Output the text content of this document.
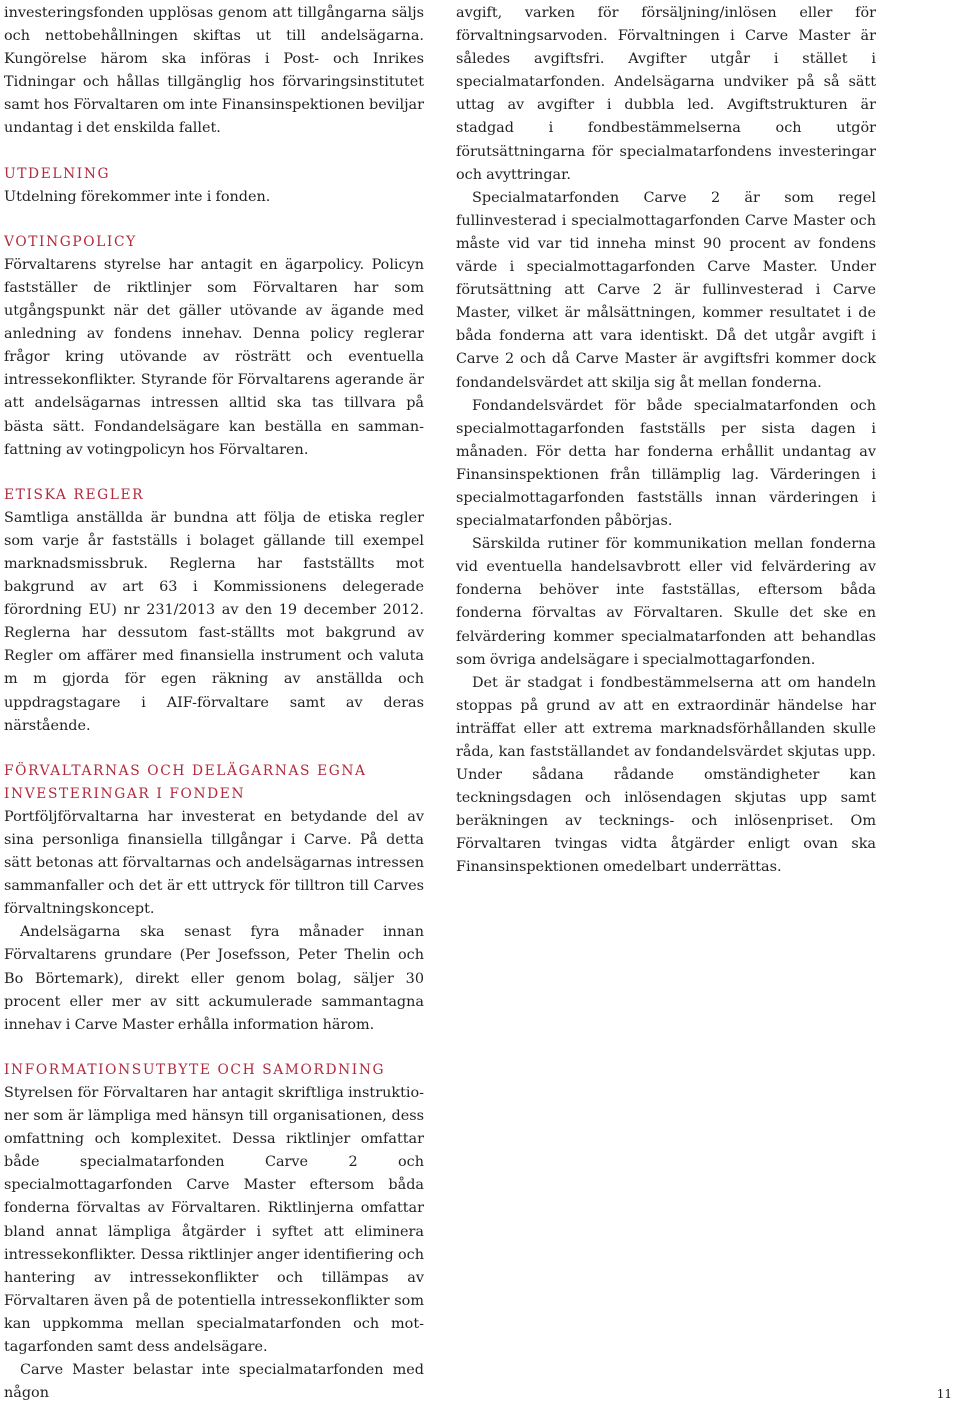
investeringsfonden upplösas genom att tillgångarna säljs och nettobehållningen skiftas ut till andelsägarna. Kungörelse härom ska införas i Post- och Inrikes Tidningar och hållas tillgänglig hos förvaringsinstitutet samt hos Förvaltaren om inte Finansinspektionen beviljar undantag i det enskilda fallet.

UTDELNING

Utdelning förekommer inte i fonden.

VOTINGPOLICY

Förvaltarens styrelse har antagit en ägarpolicy. Policyn fastställer de riktlinjer som Förvaltaren har som utgångspunkt när det gäller utövande av ägande med anledning av fondens innehav. Denna policy reglerar frågor kring utövande av rösträtt och eventuella intressekonflikter. Styrande för Förvaltarens agerande är att andelsägarnas intressen alltid ska tas tillvara på bästa sätt. Fondandelsägare kan beställa en sammanfattning av votingpolicyn hos Förvaltaren.

ETISKA REGLER

Samtliga anställda är bundna att följa de etiska regler som varje år fastställs i bolaget gällande till exempel marknadsmissbruk. Reglerna har fastställts mot bakgrund av art 63 i Kommissionens delegerade förordning EU) nr 231/2013 av den 19 december 2012. Reglerna har dessutom fast-ställts mot bakgrund av Regler om affärer med finansiella instrument och valuta m m gjorda för egen räkning av anställda och uppdragstagare i AIF-förvaltare samt av deras närstående.

FÖRVALTARNAS OCH DELÄGARNAS EGNA INVESTERINGAR I FONDEN

Portföljförvaltarna har investerat en betydande del av sina personliga finansiella tillgångar i Carve. På detta sätt betonas att förvaltarnas och andelsägarnas intressen sammanfaller och det är ett uttryck för tilltron till Carves förvaltningskoncept.

Andelsägarna ska senast fyra månader innan Förvaltarens grundare (Per Josefsson, Peter Thelin och Bo Börtemark), direkt eller genom bolag, säljer 30 procent eller mer av sitt ackumulerade sammantagna innehav i Carve Master erhålla information härom.

INFORMATIONSUTBYTE OCH SAMORDNING

Styrelsen för Förvaltaren har antagit skriftliga instruktioner som är lämpliga med hänsyn till organisationen, dess omfattning och komplexitet. Dessa riktlinjer omfattar både specialmatarfonden Carve 2 och specialmottagarfonden Carve Master eftersom båda fonderna förvaltas av Förvaltaren. Riktlinjerna omfattar bland annat lämpliga åtgärder i syftet att eliminera intressekonflikter. Dessa riktlinjer anger identifiering och hantering av intressekonflikter och tillämpas av Förvaltaren även på de potentiella intressekonflikter som kan uppkomma mellan specialmatarfonden och mottagarfonden samt dess andelsägare.

Carve Master belastar inte specialmatarfonden med någon

avgift, varken för försäljning/inlösen eller för förvaltningsarvoden. Förvaltningen i Carve Master är således avgiftsfri. Avgifter utgår i stället i specialmatarfonden. Andelsägarna undviker på så sätt uttag av avgifter i dubbla led. Avgiftstrukturen är stadgad i fondbestämmelserna och utgör förutsättningarna för specialmatarfondens investeringar och avyttringar.

Specialmatarfonden Carve 2 är som regel fullinvesterad i specialmottagarfonden Carve Master och måste vid var tid inneha minst 90 procent av fondens värde i specialmottagarfonden Carve Master. Under förutsättning att Carve 2 är fullinvesterad i Carve Master, vilket är målsättningen, kommer resultatet i de båda fonderna att vara identiskt. Då det utgår avgift i Carve 2 och då Carve Master är avgiftsfri kommer dock fondandelsvärdet att skilja sig åt mellan fonderna.

Fondandelsvärdet för både specialmatarfonden och specialmottagarfonden fastställs per sista dagen i månaden. För detta har fonderna erhållit undantag av Finansinspektionen från tillämplig lag. Värderingen i specialmottagarfonden fastställs innan värderingen i specialmatarfonden påbörjas.

Särskilda rutiner för kommunikation mellan fonderna vid eventuella handelsavbrott eller vid felvärdering av fonderna behöver inte fastställas, eftersom båda fonderna förvaltas av Förvaltaren. Skulle det ske en felvärdering kommer specialmatarfonden att behandlas som övriga andelsägare i specialmottagarfonden.

Det är stadgat i fondbestämmelserna att om handeln stoppas på grund av att en extraordinär händelse har inträffat eller att extrema marknadsförhållanden skulle råda, kan fastställandet av fondandelsvärdet skjutas upp. Under sådana rådande omständigheter kan teckningsdagen och inlösendagen skjutas upp samt beräkningen av tecknings- och inlösenpriset. Om Förvaltaren tvingas vidta åtgärder enligt ovan ska Finansinspektionen omedelbart underrättas.

11
